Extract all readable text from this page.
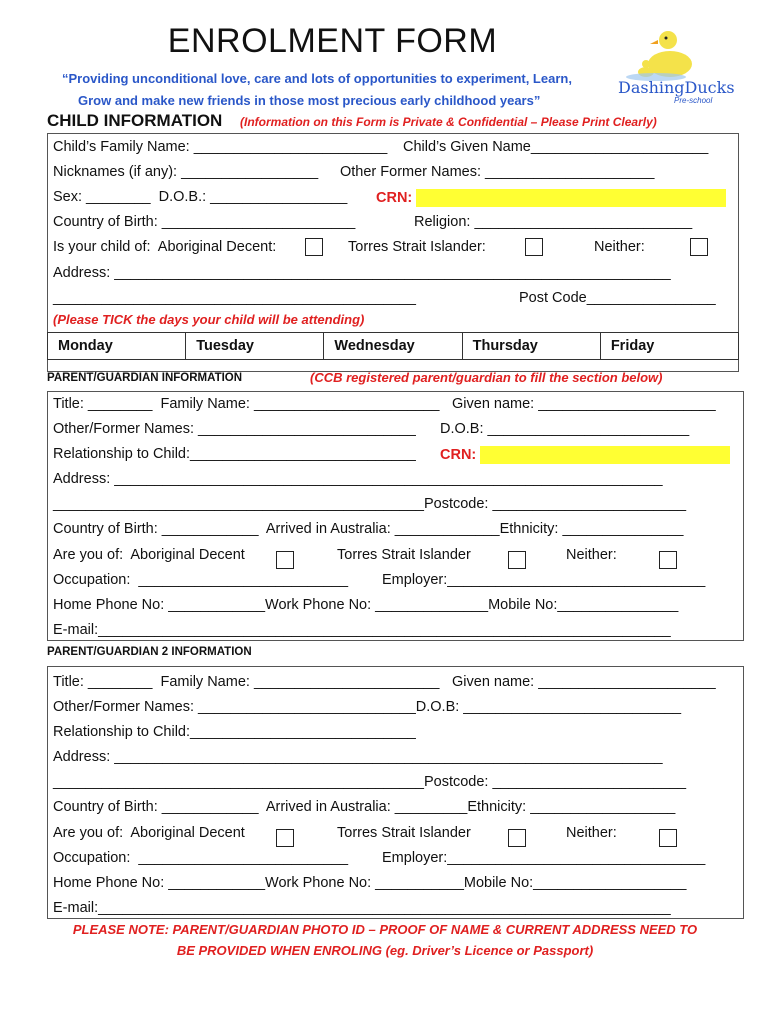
ENROLMENT FORM
“Providing unconditional love, care and lots of opportunities to experiment, Learn,
Grow and make new friends in those most precious early childhood years”
DashingDucks
Pre-school
CHILD INFORMATION (Information on this Form is Private & Confidential – Please Print Clearly)
Child’s Family Name: ________________________ Child’s Given Name______________________
Nicknames (if any): _________________ Other Former Names: _____________________
Sex: ________  D.O.B.: _________________ CRN:
Country of Birth: ________________________	Religion: ___________________________
Is your child of:  Aboriginal Decent:	Torres Strait Islander:	Neither:
Address: _____________________________________________________________________
_____________________________________________	Post Code________________
(Please TICK the days your child will be attending)
Monday	Tuesday	Wednesday	Thursday	Friday
PARENT/GUARDIAN INFORMATION	(CCB registered parent/guardian to fill the section below)
Title: ________  Family Name: _______________________ Given name: ______________________
Other/Former Names: ___________________________ D.O.B: _________________________
Relationship to Child:____________________________ CRN:
Address: ____________________________________________________________________
______________________________________________Postcode: ________________________
Country of Birth: ____________  Arrived in Australia: _____________Ethnicity: _______________
Are you of:  Aboriginal Decent	Torres Strait Islander	Neither:
Occupation:  __________________________ Employer:________________________________
Home Phone No: ____________Work Phone No: ______________Mobile No:_______________
E-mail:_______________________________________________________________________
PARENT/GUARDIAN 2 INFORMATION
Title: ________  Family Name: _______________________ Given name: ______________________
Other/Former Names: ___________________________D.O.B: ___________________________
Relationship to Child:____________________________
Address: ____________________________________________________________________
______________________________________________Postcode: ________________________
Country of Birth: ____________  Arrived in Australia: _________Ethnicity: __________________
Are you of:  Aboriginal Decent	Torres Strait Islander	Neither:
Occupation:  __________________________ Employer:________________________________
Home Phone No: ____________Work Phone No: ___________Mobile No:___________________
E-mail:_______________________________________________________________________
PLEASE NOTE: PARENT/GUARDIAN PHOTO ID – PROOF OF NAME & CURRENT ADDRESS NEED TO
BE PROVIDED WHEN ENROLING (eg. Driver’s Licence or Passport)
